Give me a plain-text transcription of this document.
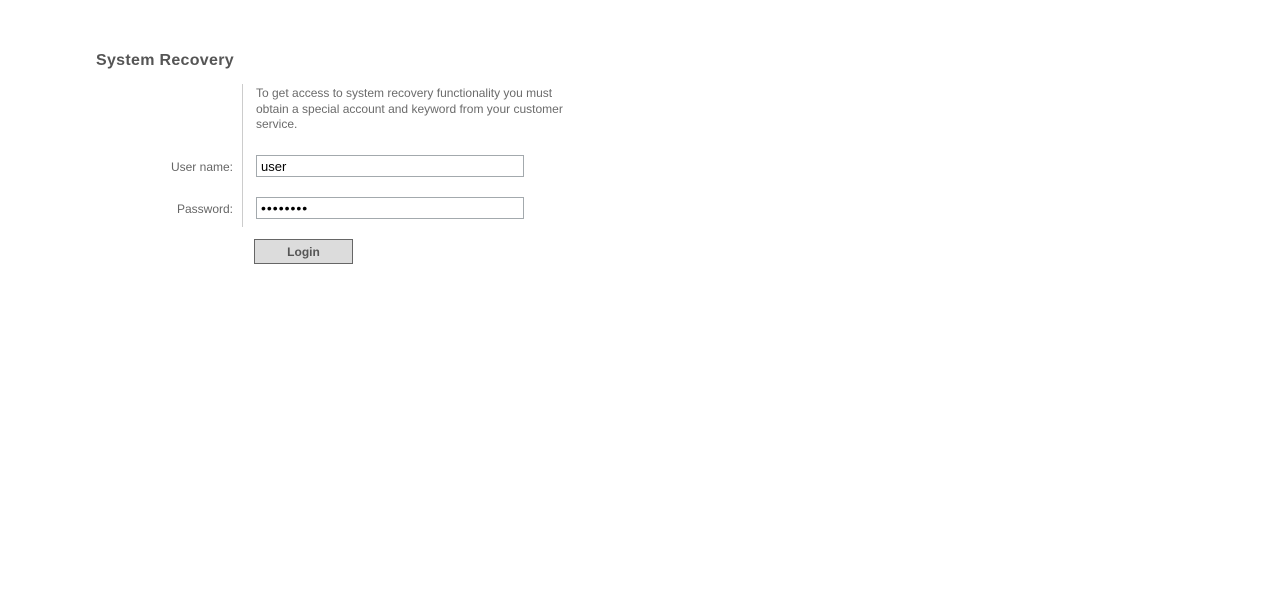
System Recovery

To get access to system recovery functionality you must obtain a special account and keyword from your customer service.

User name:
user
Password:
Login
